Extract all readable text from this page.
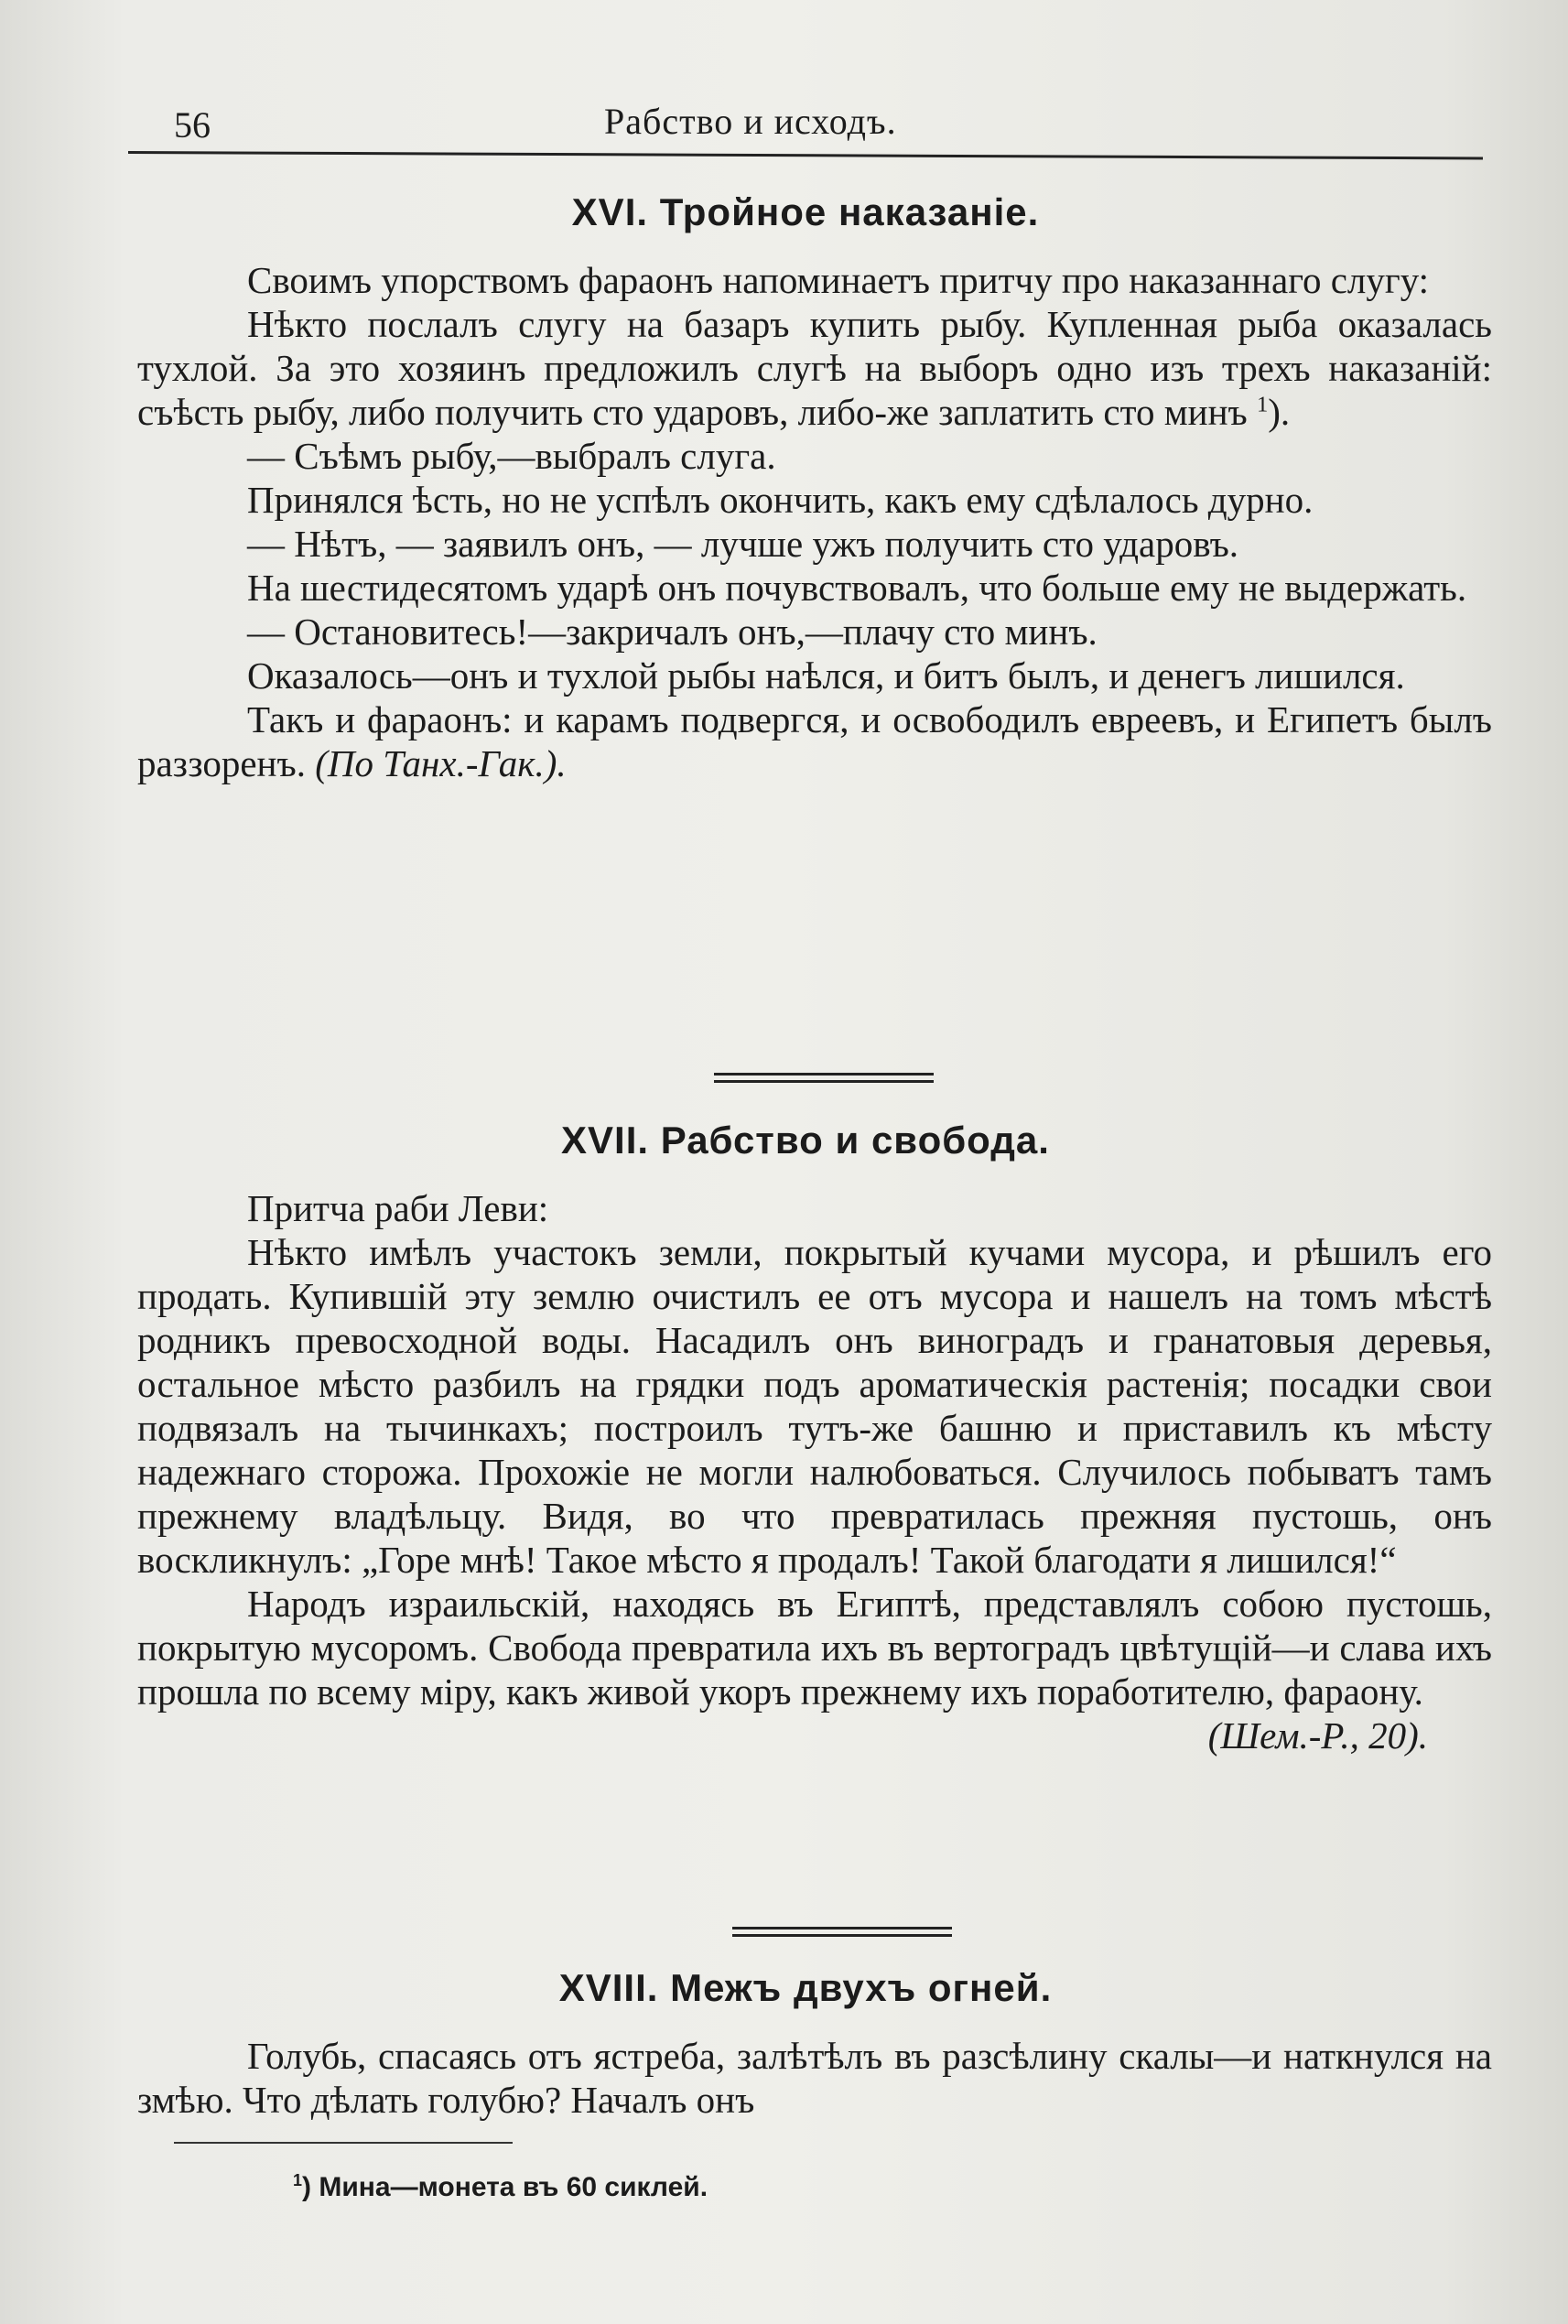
56	Рабство и исходъ.
XVI. Тройное наказаніе.

Своимъ упорствомъ фараонъ напоминаетъ притчу про наказаннаго слугу:

Нѣкто послалъ слугу на базаръ купить рыбу. Купленная рыба оказалась тухлой. За это хозяинъ предложилъ слугѣ на выборъ одно изъ трехъ наказаній: съѣсть рыбу, либо получить сто ударовъ, либо-же заплатить сто минъ $^1$).

— Съѣмъ рыбу,—выбралъ слуга.

Принялся ѣсть, но не успѣлъ окончить, какъ ему сдѣлалось дурно.

— Нѣтъ, — заявилъ онъ, — лучше ужъ получить сто ударовъ.

На шестидесятомъ ударѣ онъ почувствовалъ, что больше ему не выдержать.

— Остановитесь!—закричалъ онъ,—плачу сто минъ.

Оказалось—онъ и тухлой рыбы наѣлся, и битъ былъ, и денегъ лишился.

Такъ и фараонъ: и карамъ подвергся, и освободилъ евреевъ, и Египетъ былъ раззоренъ. (По Танх.-Гак.).

XVII. Рабство и свобода.

Притча раби Леви:

Нѣкто имѣлъ участокъ земли, покрытый кучами мусора, и рѣшилъ его продать. Купившій эту землю очистилъ ее отъ мусора и нашелъ на томъ мѣстѣ родникъ превосходной воды. Насадилъ онъ виноградъ и гранатовыя деревья, остальное мѣсто разбилъ на грядки подъ ароматическія растенія; посадки свои подвязалъ на тычинкахъ; построилъ тутъ-же башню и приставилъ къ мѣсту надежнаго сторожа. Прохожіе не могли налюбоваться. Случилось побыватъ тамъ прежнему владѣльцу. Видя, во что превратилась прежняя пустошь, онъ воскликнулъ: „Горе мнѣ! Такое мѣсто я продалъ! Такой благодати я лишился!“

Народъ израильскій, находясь въ Египтѣ, представлялъ собою пустошь, покрытую мусоромъ. Свобода превратила ихъ въ вертоградъ цвѣтущій—и слава ихъ прошла по всему міру, какъ живой укоръ прежнему ихъ поработителю, фараону.

(Шем.-Р., 20).

XVIII. Межъ двухъ огней.

Голубь, спасаясь отъ ястреба, залѣтѣлъ въ разсѣлину скалы—и наткнулся на змѣю. Что дѣлать голубю? Началъ онъ

$^1$) Мина—монета въ 60 сиклей.
